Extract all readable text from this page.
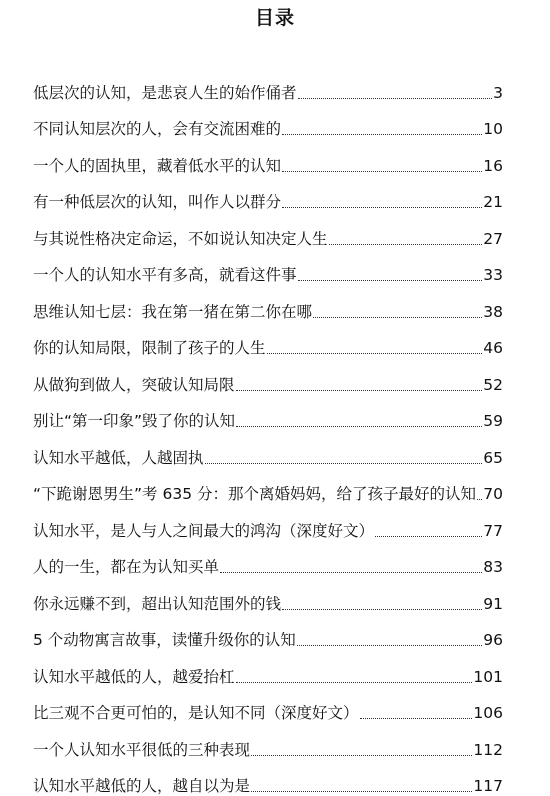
目录
低层次的认知，是悲哀人生的始作俑者	3
不同认知层次的人，会有交流困难的	10
一个人的固执里，藏着低水平的认知	16
有一种低层次的认知，叫作人以群分	21
与其说性格决定命运，不如说认知决定人生	27
一个人的认知水平有多高，就看这件事	33
思维认知七层：我在第一猪在第二你在哪	38
你的认知局限，限制了孩子的人生	46
从做狗到做人，突破认知局限	52
别让“第一印象”毁了你的认知	59
认知水平越低，人越固执	65
“下跪谢恩男生”考 635 分：那个离婚妈妈，给了孩子最好的认知 70
认知水平，是人与人之间最大的鸿沟（深度好文）	77
人的一生，都在为认知买单	83
你永远赚不到，超出认知范围外的钱	91
5 个动物寓言故事，读懂升级你的认知	96
认知水平越低的人，越爱抬杠	101
比三观不合更可怕的，是认知不同（深度好文）	106
一个人认知水平很低的三种表现	112
认知水平越低的人，越自以为是	117
